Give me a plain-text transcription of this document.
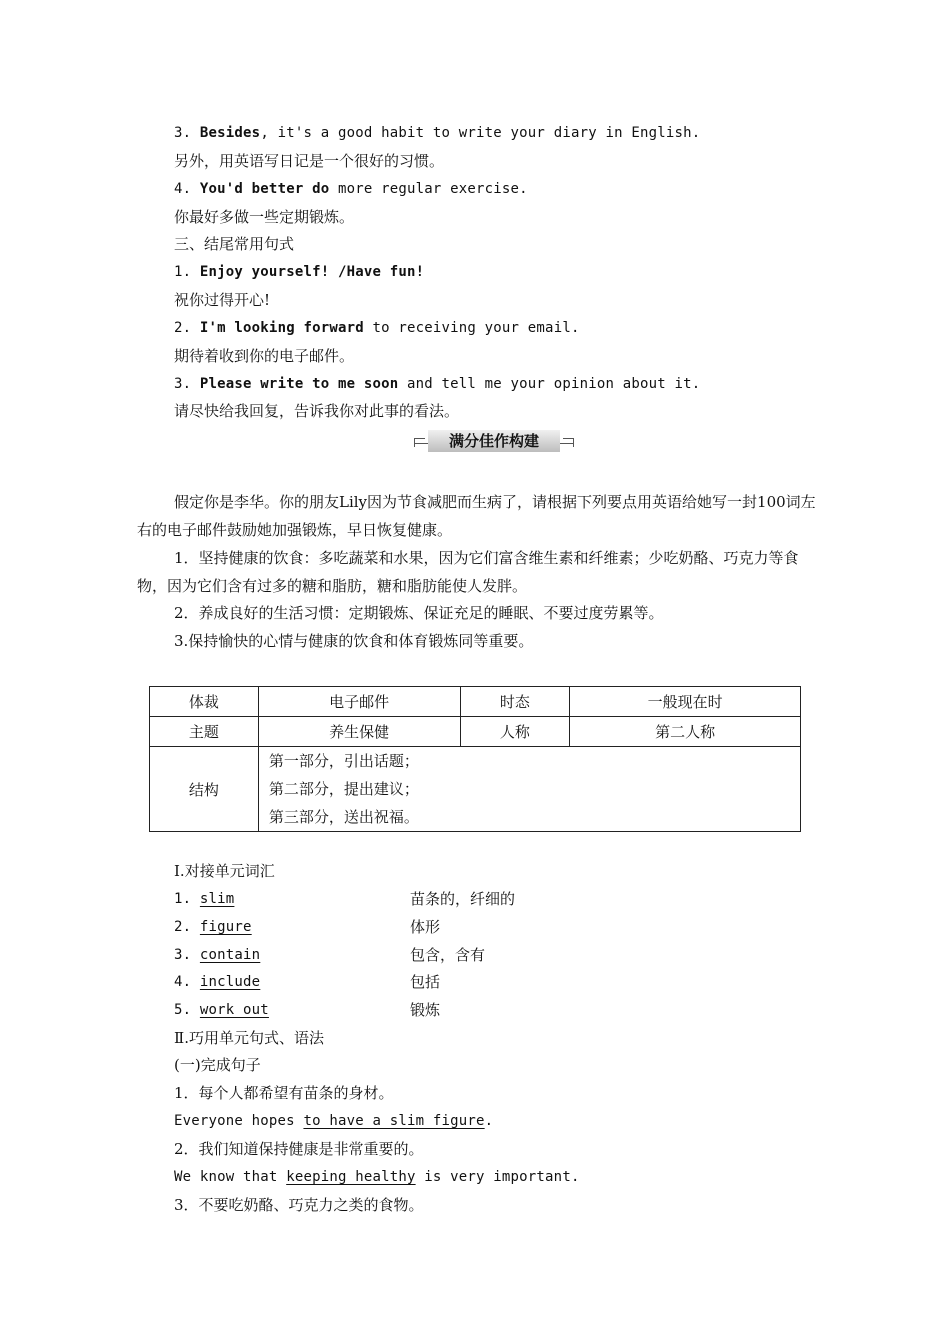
3. Besides, it's a good habit to write your diary in English.
另外，用英语写日记是一个很好的习惯。
4. You'd better do more regular exercise.
你最好多做一些定期锻炼。
三、结尾常用句式
1. Enjoy yourself! /Have fun!
祝你过得开心!
2. I'm looking forward to receiving your email.
期待着收到你的电子邮件。
3. Please write to me soon and tell me your opinion about it.
请尽快给我回复，告诉我你对此事的看法。
满分佳作构建
假定你是李华。你的朋友Lily因为节食减肥而生病了，请根据下列要点用英语给她写一封100词左右的电子邮件鼓励她加强锻炼，早日恢复健康。
1．坚持健康的饮食：多吃蔬菜和水果，因为它们富含维生素和纤维素；少吃奶酪、巧克力等食物，因为它们含有过多的糖和脂肪，糖和脂肪能使人发胖。
2．养成良好的生活习惯：定期锻炼、保证充足的睡眠、不要过度劳累等。
3.保持愉快的心情与健康的饮食和体育锻炼同等重要。
体裁	电子邮件	时态	一般现在时
主题	养生保健	人称	第二人称
结构	第一部分，引出话题；
第二部分，提出建议；
第三部分，送出祝福。		
Ⅰ.对接单元词汇
1. slim	苗条的，纤细的
2. figure	体形
3. contain	包含，含有
4. include	包括
5. work out	锻炼
Ⅱ.巧用单元句式、语法
(一)完成句子
1．每个人都希望有苗条的身材。
Everyone hopes to have a slim figure.
2．我们知道保持健康是非常重要的。
We know that keeping healthy is very important.
3．不要吃奶酪、巧克力之类的食物。
